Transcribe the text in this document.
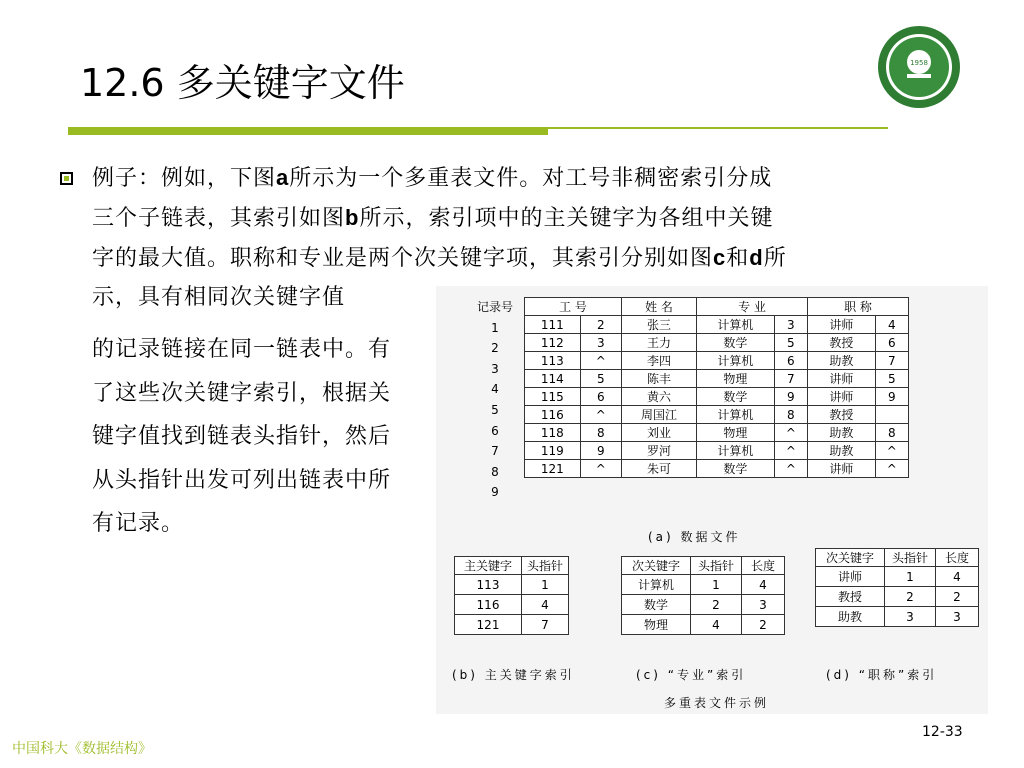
12.6 多关键字文件	1958
例子：例如，下图a所示为一个多重表文件。对工号非稠密索引分成
三个子链表，其索引如图b所示，索引项中的主关键字为各组中关键
字的最大值。职称和专业是两个次关键字项，其索引分别如图c和d所
示，具有相同次关键字值
的记录链接在同一链表中。有
了这些次关键字索引，根据关
键字值找到链表头指针，然后
从头指针出发可列出链表中所
有记录。
记录号
1
2
3
4
5
6
7
8
9
工 号		姓 名	专 业		职 称	
111	2	张三	计算机	3	讲师	4
112	3	王力	数学	5	教授	6
113	^	李四	计算机	6	助教	7
114	5	陈丰	物理	7	讲师	5
115	6	黄六	数学	9	讲师	9
116	^	周国江	计算机	8	教授	
118	8	刘业	物理	^	助教	8
119	9	罗河	计算机	^	助教	^
121	^	朱可	数学	^	讲师	^
(a) 数据文件
主关键字	头指针
113	1
116	4
121	7
次关键字	头指针	长度
计算机	1	4
数学	2	3
物理	4	2
次关键字	头指针	长度
讲师	1	4
教授	2	2
助教	3	3
(b) 主关键字索引	(c) “专业”索引	(d) “职称”索引
多重表文件示例
中国科大《数据结构》
12-33
